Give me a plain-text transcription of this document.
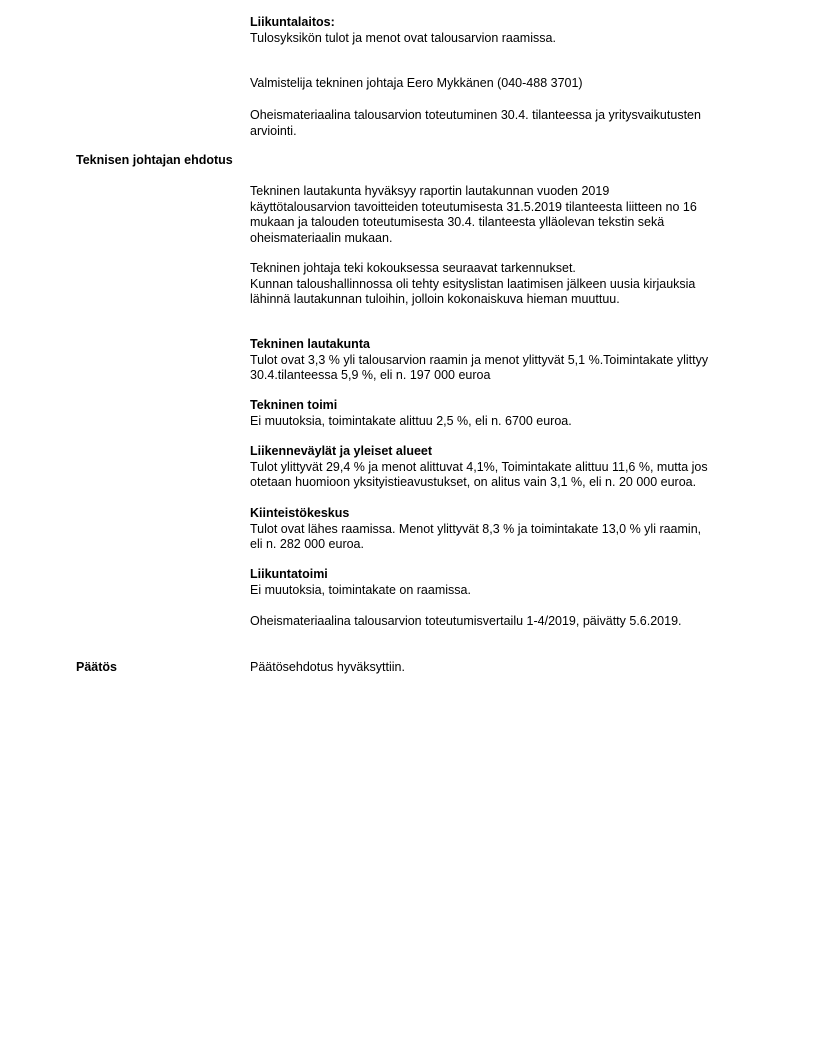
Liikuntalaitos:

Tulosyksikön tulot ja menot ovat talousarvion raamissa.

Valmistelija tekninen johtaja Eero Mykkänen (040-488 3701)

Oheismateriaalina talousarvion toteutuminen 30.4. tilanteessa ja yritysvaikutusten

arviointi.

Teknisen johtajan ehdotus

Tekninen lautakunta hyväksyy raportin lautakunnan vuoden 2019

käyttötalousarvion tavoitteiden toteutumisesta 31.5.2019 tilanteesta liitteen no 16

mukaan ja talouden toteutumisesta 30.4. tilanteesta ylläolevan tekstin sekä

oheismateriaalin mukaan.

Tekninen johtaja teki kokouksessa seuraavat tarkennukset.

Kunnan taloushallinnossa oli tehty esityslistan laatimisen jälkeen uusia kirjauksia

lähinnä lautakunnan tuloihin, jolloin kokonaiskuva hieman muuttuu.

Tekninen lautakunta

Tulot ovat 3,3 % yli talousarvion raamin ja menot ylittyvät 5,1 %.Toimintakate ylittyy

30.4.tilanteessa 5,9 %, eli n. 197 000 euroa

Tekninen toimi

Ei muutoksia, toimintakate alittuu 2,5 %, eli n. 6700 euroa.

Liikenneväylät ja yleiset alueet

Tulot ylittyvät 29,4 % ja menot alittuvat 4,1%, Toimintakate alittuu 11,6 %, mutta jos

otetaan huomioon yksityistieavustukset, on alitus vain 3,1 %, eli n. 20 000 euroa.

Kiinteistökeskus

Tulot ovat lähes raamissa. Menot ylittyvät 8,3 % ja toimintakate 13,0 % yli raamin,

eli n. 282 000 euroa.

Liikuntatoimi

Ei muutoksia, toimintakate on raamissa.

Oheismateriaalina talousarvion toteutumisvertailu 1-4/2019, päivätty 5.6.2019.

Päätös	Päätösehdotus hyväksyttiin.
